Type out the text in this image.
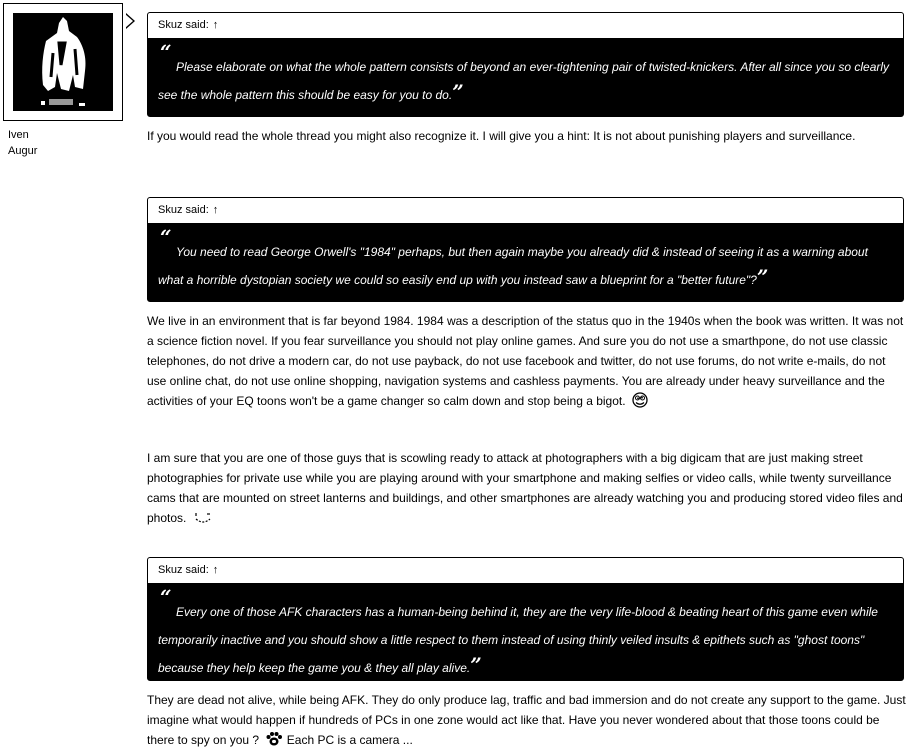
Iven
Augur
Skuz said: ↑
“
Please elaborate on what the whole pattern consists of beyond an ever-tightening pair of twisted-knickers. After all since you so clearly see the whole pattern this should be easy for you to do.”
If you would read the whole thread you might also recognize it. I will give you a hint: It is not about punishing players and surveillance.
Skuz said: ↑
“
You need to read George Orwell's "1984" perhaps, but then again maybe you already did & instead of seeing it as a warning about what a horrible dystopian society we could so easily end up with you instead saw a blueprint for a "better future"?”
We live in an environment that is far beyond 1984. 1984 was a description of the status quo in the 1940s when the book was written. It was not a science fiction novel. If you fear surveillance you should not play online games. And sure you do not use a smarthpone, do not use classic telephones, do not drive a modern car, do not use payback, do not use facebook and twitter, do not use forums, do not write e-mails, do not use online chat, do not use online shopping, navigation systems and cashless payments. You are already under heavy surveillance and the activities of your EQ toons won't be a game changer so calm down and stop being a bigot.
I am sure that you are one of those guys that is scowling ready to attack at photographers with a big digicam that are just making street photographies for private use while you are playing around with your smartphone and making selfies or video calls, while twenty surveillance cams that are mounted on street lanterns and buildings, and other smartphones are already watching you and producing stored video files and photos.
Skuz said: ↑
“
Every one of those AFK characters has a human-being behind it, they are the very life-blood & beating heart of this game even while temporarily inactive and you should show a little respect to them instead of using thinly veiled insults & epithets such as "ghost toons" because they help keep the game you & they all play alive.”
They are dead not alive, while being AFK. They do only produce lag, traffic and bad immersion and do not create any support to the game. Just imagine what would happen if hundreds of PCs in one zone would act like that. Have you never wondered about that those toons could be there to spy on you ? Each PC is a camera ...
